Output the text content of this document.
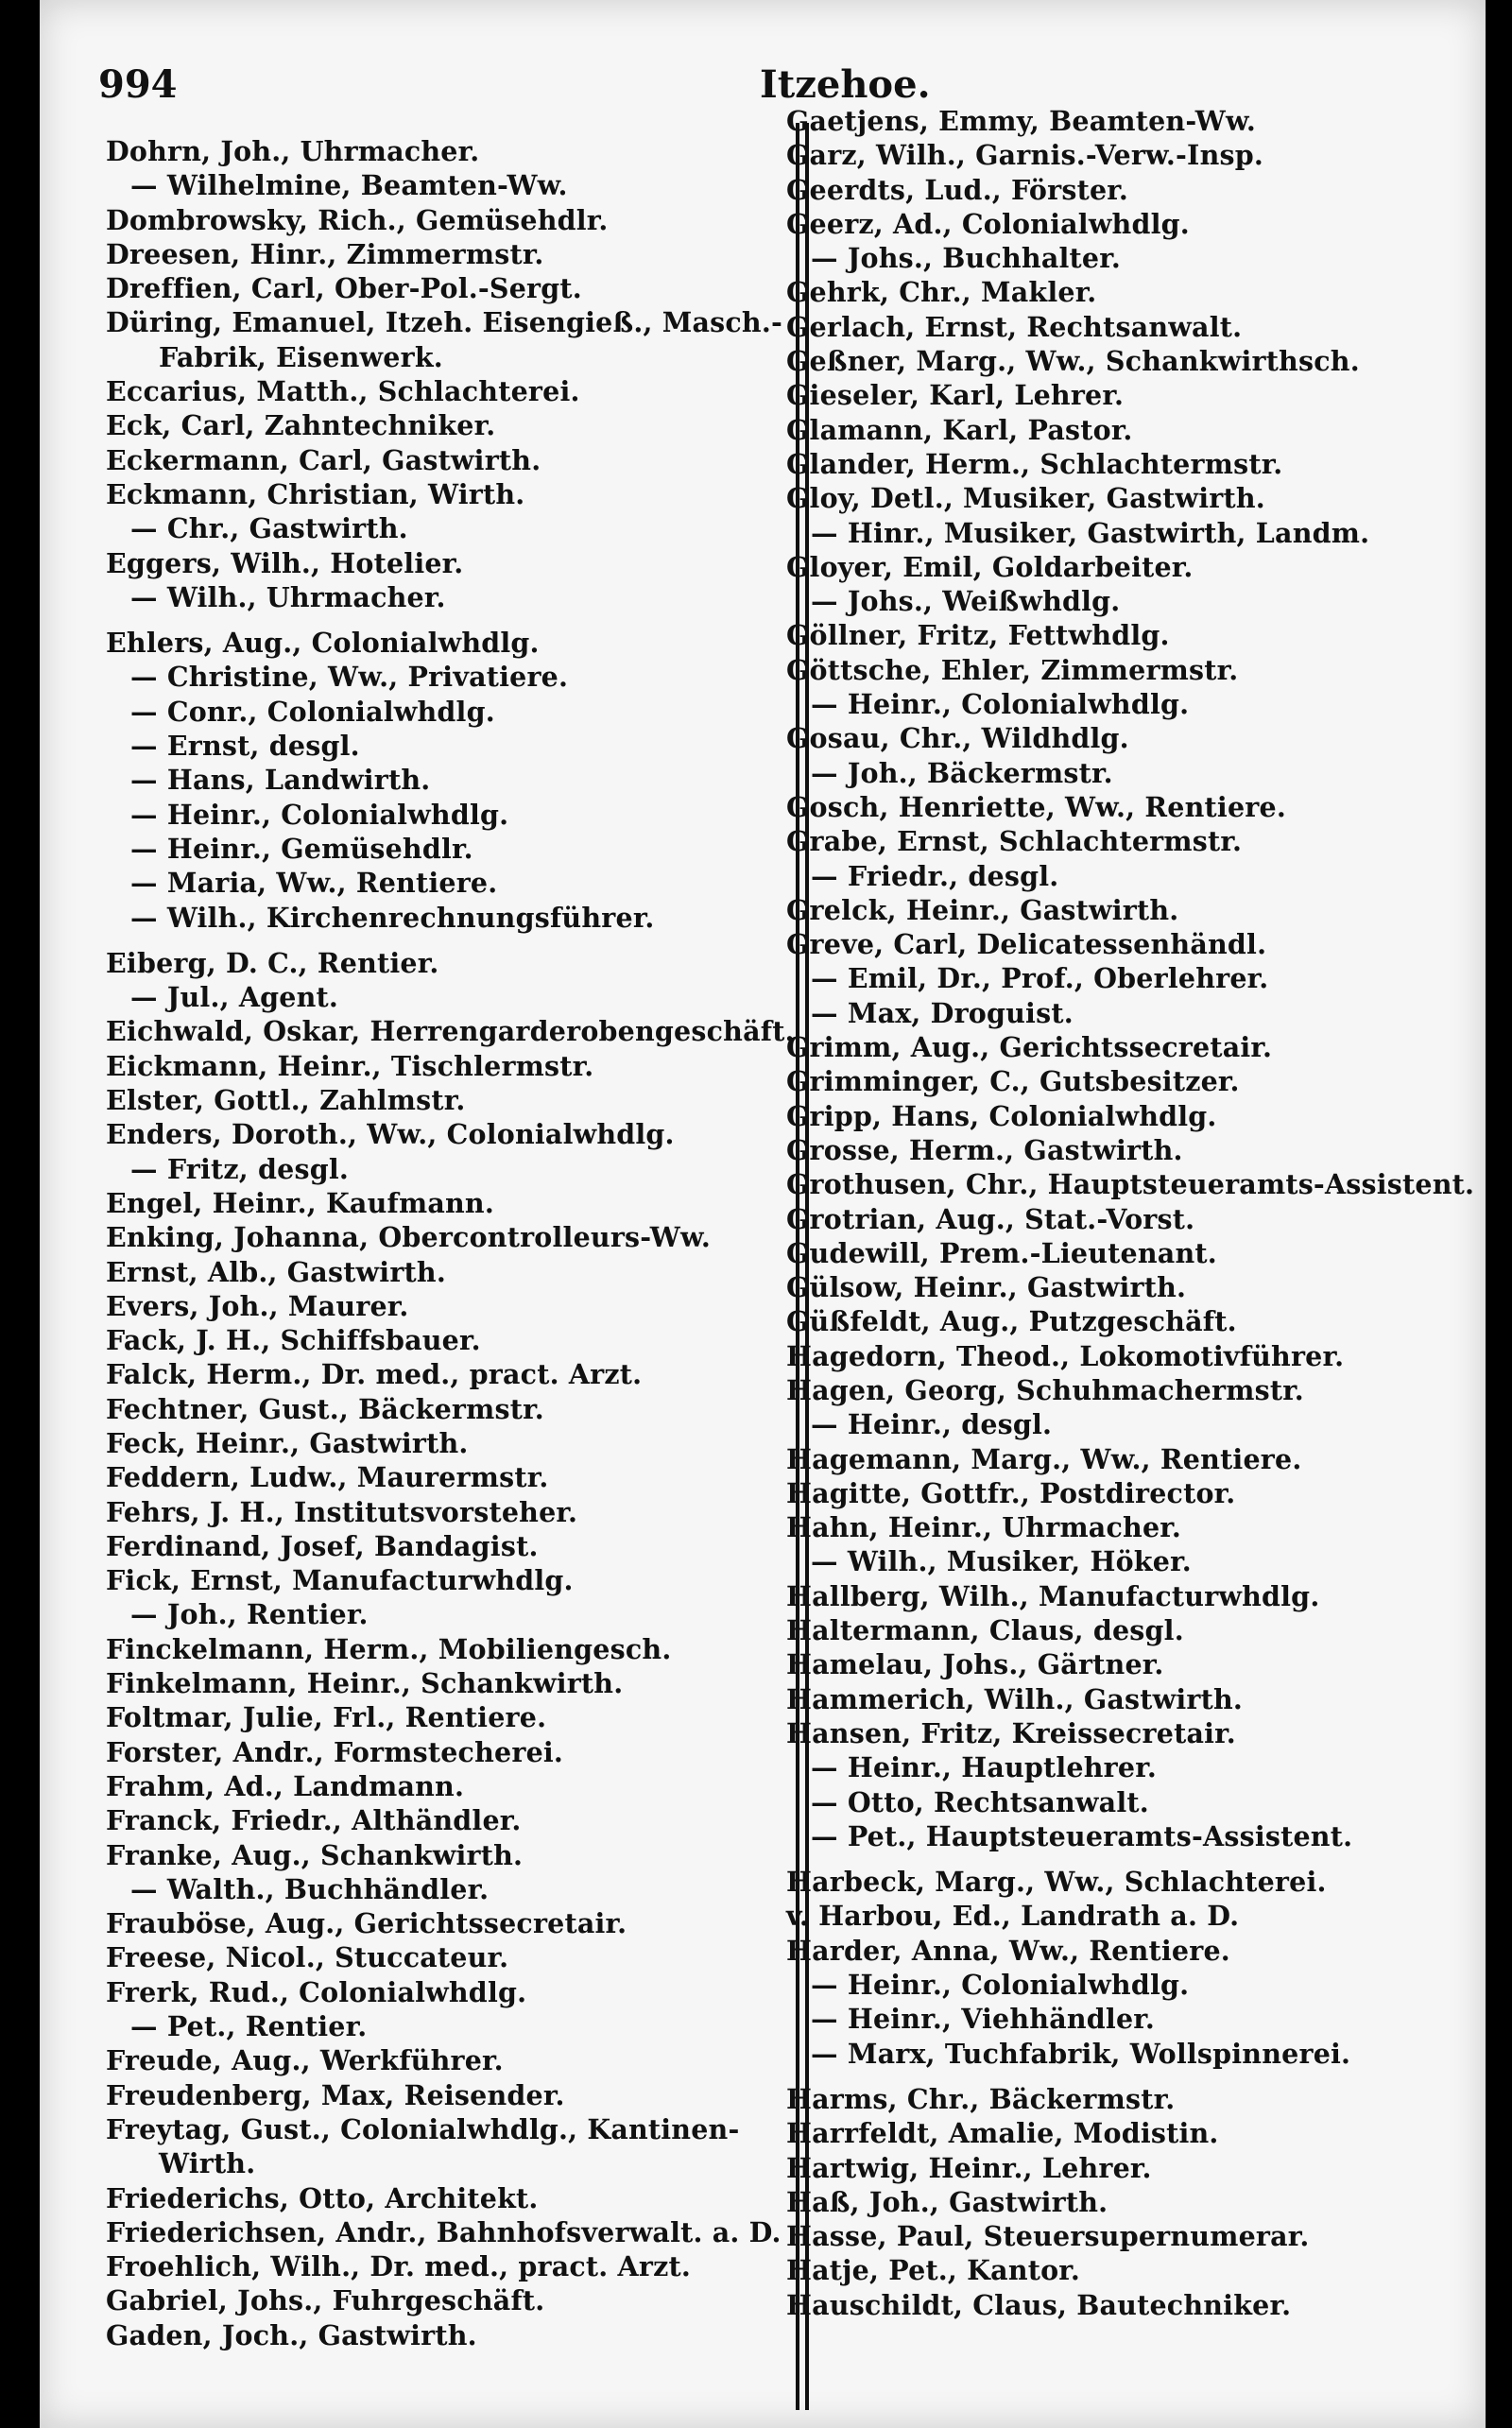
994	Itzehoe.
Dohrn, Joh., Uhrmacher.
— Wilhelmine, Beamten-Ww.
Dombrowsky, Rich., Gemüsehdlr.
Dreesen, Hinr., Zimmermstr.
Dreffien, Carl, Ober-Pol.-Sergt.
Düring, Emanuel, Itzeh. Eisengieß., Masch.-
Fabrik, Eisenwerk.
Eccarius, Matth., Schlachterei.
Eck, Carl, Zahntechniker.
Eckermann, Carl, Gastwirth.
Eckmann, Christian, Wirth.
— Chr., Gastwirth.
Eggers, Wilh., Hotelier.
— Wilh., Uhrmacher.
Ehlers, Aug., Colonialwhdlg.
— Christine, Ww., Privatiere.
— Conr., Colonialwhdlg.
— Ernst, desgl.
— Hans, Landwirth.
— Heinr., Colonialwhdlg.
— Heinr., Gemüsehdlr.
— Maria, Ww., Rentiere.
— Wilh., Kirchenrechnungsführer.
Eiberg, D. C., Rentier.
— Jul., Agent.
Eichwald, Oskar, Herrengarderobengeschäft.
Eickmann, Heinr., Tischlermstr.
Elster, Gottl., Zahlmstr.
Enders, Doroth., Ww., Colonialwhdlg.
— Fritz, desgl.
Engel, Heinr., Kaufmann.
Enking, Johanna, Obercontrolleurs-Ww.
Ernst, Alb., Gastwirth.
Evers, Joh., Maurer.
Fack, J. H., Schiffsbauer.
Falck, Herm., Dr. med., pract. Arzt.
Fechtner, Gust., Bäckermstr.
Feck, Heinr., Gastwirth.
Feddern, Ludw., Maurermstr.
Fehrs, J. H., Institutsvorsteher.
Ferdinand, Josef, Bandagist.
Fick, Ernst, Manufacturwhdlg.
— Joh., Rentier.
Finckelmann, Herm., Mobiliengesch.
Finkelmann, Heinr., Schankwirth.
Foltmar, Julie, Frl., Rentiere.
Forster, Andr., Formstecherei.
Frahm, Ad., Landmann.
Franck, Friedr., Althändler.
Franke, Aug., Schankwirth.
— Walth., Buchhändler.
Frauböse, Aug., Gerichtssecretair.
Freese, Nicol., Stuccateur.
Frerk, Rud., Colonialwhdlg.
— Pet., Rentier.
Freude, Aug., Werkführer.
Freudenberg, Max, Reisender.
Freytag, Gust., Colonialwhdlg., Kantinen-
Wirth.
Friederichs, Otto, Architekt.
Friederichsen, Andr., Bahnhofsverwalt. a. D.
Froehlich, Wilh., Dr. med., pract. Arzt.
Gabriel, Johs., Fuhrgeschäft.
Gaden, Joch., Gastwirth.
Gaetjens, Emmy, Beamten-Ww.
Garz, Wilh., Garnis.-Verw.-Insp.
Geerdts, Lud., Förster.
Geerz, Ad., Colonialwhdlg.
— Johs., Buchhalter.
Gehrk, Chr., Makler.
Gerlach, Ernst, Rechtsanwalt.
Geßner, Marg., Ww., Schankwirthsch.
Gieseler, Karl, Lehrer.
Glamann, Karl, Pastor.
Glander, Herm., Schlachtermstr.
Gloy, Detl., Musiker, Gastwirth.
— Hinr., Musiker, Gastwirth, Landm.
Gloyer, Emil, Goldarbeiter.
— Johs., Weißwhdlg.
Göllner, Fritz, Fettwhdlg.
Göttsche, Ehler, Zimmermstr.
— Heinr., Colonialwhdlg.
Gosau, Chr., Wildhdlg.
— Joh., Bäckermstr.
Gosch, Henriette, Ww., Rentiere.
Grabe, Ernst, Schlachtermstr.
— Friedr., desgl.
Grelck, Heinr., Gastwirth.
Greve, Carl, Delicatessenhändl.
— Emil, Dr., Prof., Oberlehrer.
— Max, Droguist.
Grimm, Aug., Gerichtssecretair.
Grimminger, C., Gutsbesitzer.
Gripp, Hans, Colonialwhdlg.
Grosse, Herm., Gastwirth.
Grothusen, Chr., Hauptsteueramts-Assistent.
Grotrian, Aug., Stat.-Vorst.
Gudewill, Prem.-Lieutenant.
Gülsow, Heinr., Gastwirth.
Güßfeldt, Aug., Putzgeschäft.
Hagedorn, Theod., Lokomotivführer.
Hagen, Georg, Schuhmachermstr.
— Heinr., desgl.
Hagemann, Marg., Ww., Rentiere.
Hagitte, Gottfr., Postdirector.
Hahn, Heinr., Uhrmacher.
— Wilh., Musiker, Höker.
Hallberg, Wilh., Manufacturwhdlg.
Haltermann, Claus, desgl.
Hamelau, Johs., Gärtner.
Hammerich, Wilh., Gastwirth.
Hansen, Fritz, Kreissecretair.
— Heinr., Hauptlehrer.
— Otto, Rechtsanwalt.
— Pet., Hauptsteueramts-Assistent.
Harbeck, Marg., Ww., Schlachterei.
v. Harbou, Ed., Landrath a. D.
Harder, Anna, Ww., Rentiere.
— Heinr., Colonialwhdlg.
— Heinr., Viehhändler.
— Marx, Tuchfabrik, Wollspinnerei.
Harms, Chr., Bäckermstr.
Harrfeldt, Amalie, Modistin.
Hartwig, Heinr., Lehrer.
Haß, Joh., Gastwirth.
Hasse, Paul, Steuersupernumerar.
Hatje, Pet., Kantor.
Hauschildt, Claus, Bautechniker.
